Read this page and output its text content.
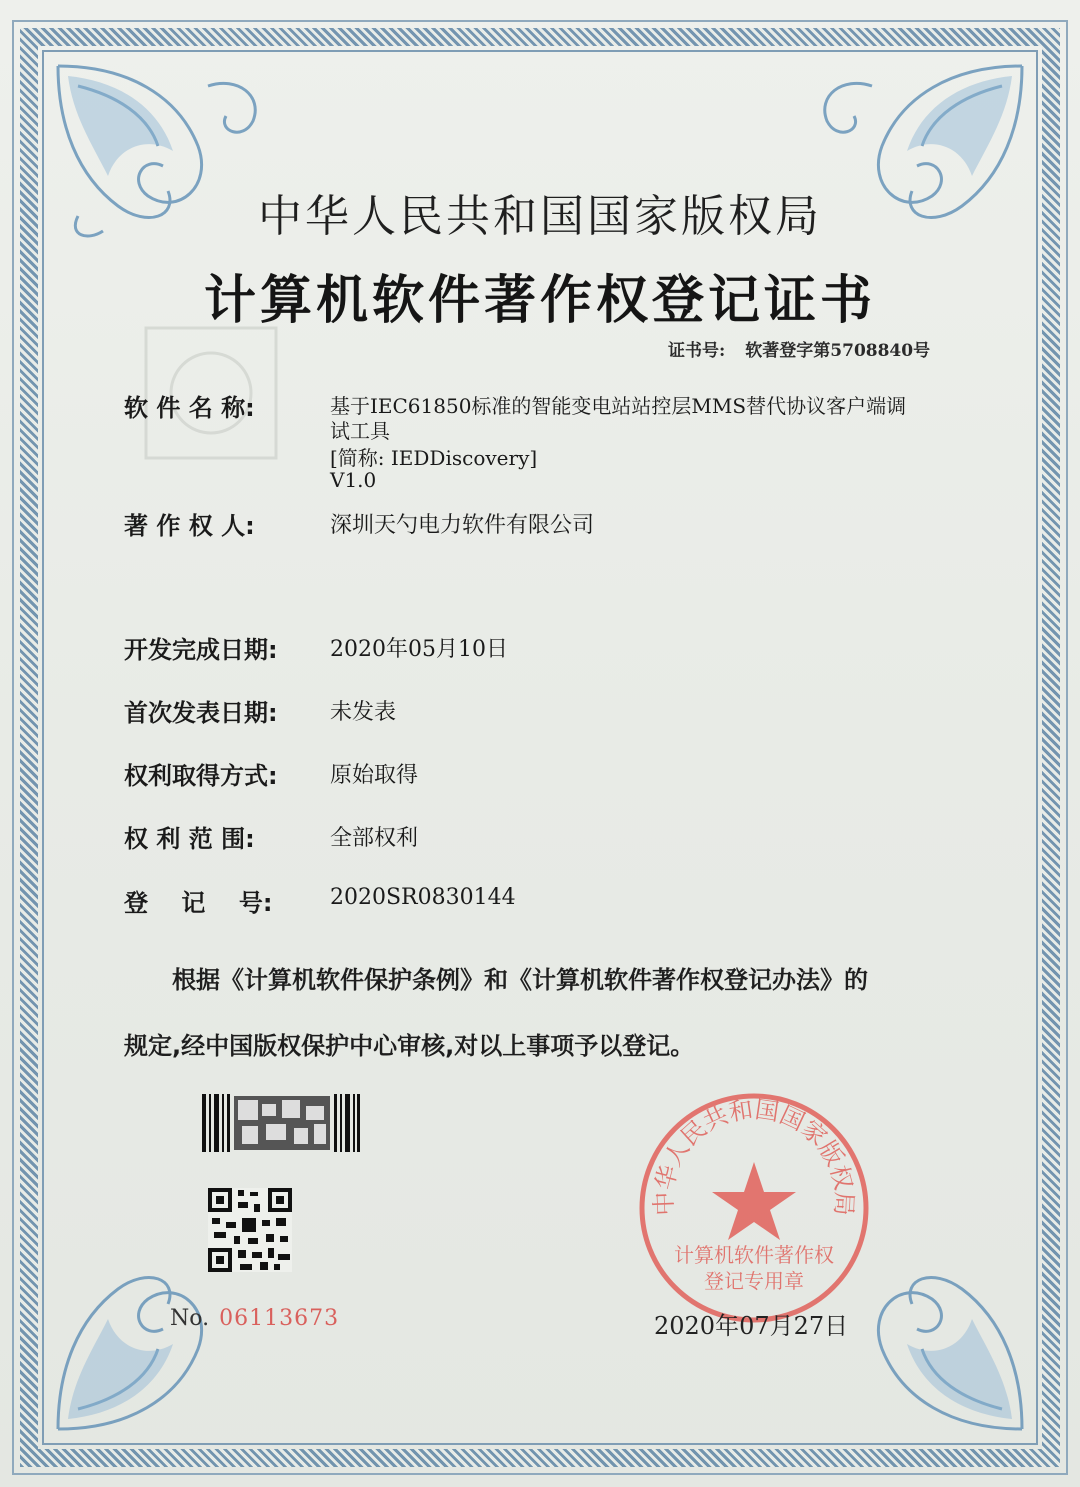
中华人民共和国国家版权局
计算机软件著作权登记证书
证书号: 软著登字第5708840号
软 件 名 称:	基于IEC61850标准的智能变电站站控层MMS替代协议客户端调
试工具
[简称: IEDDiscovery]
V1.0
著 作 权 人:	深圳天勺电力软件有限公司
开发完成日期: 2020年05月10日
首次发表日期: 未发表
权利取得方式: 原始取得
权 利 范 围:	全部权利
登    记    号:	2020SR0830144
根据《计算机软件保护条例》和《计算机软件著作权登记办法》的
规定,经中国版权保护中心审核,对以上事项予以登记。
No. 06113673
中华人民共和国国家版权局
计算机软件著作权
登记专用章
2020年07月27日
